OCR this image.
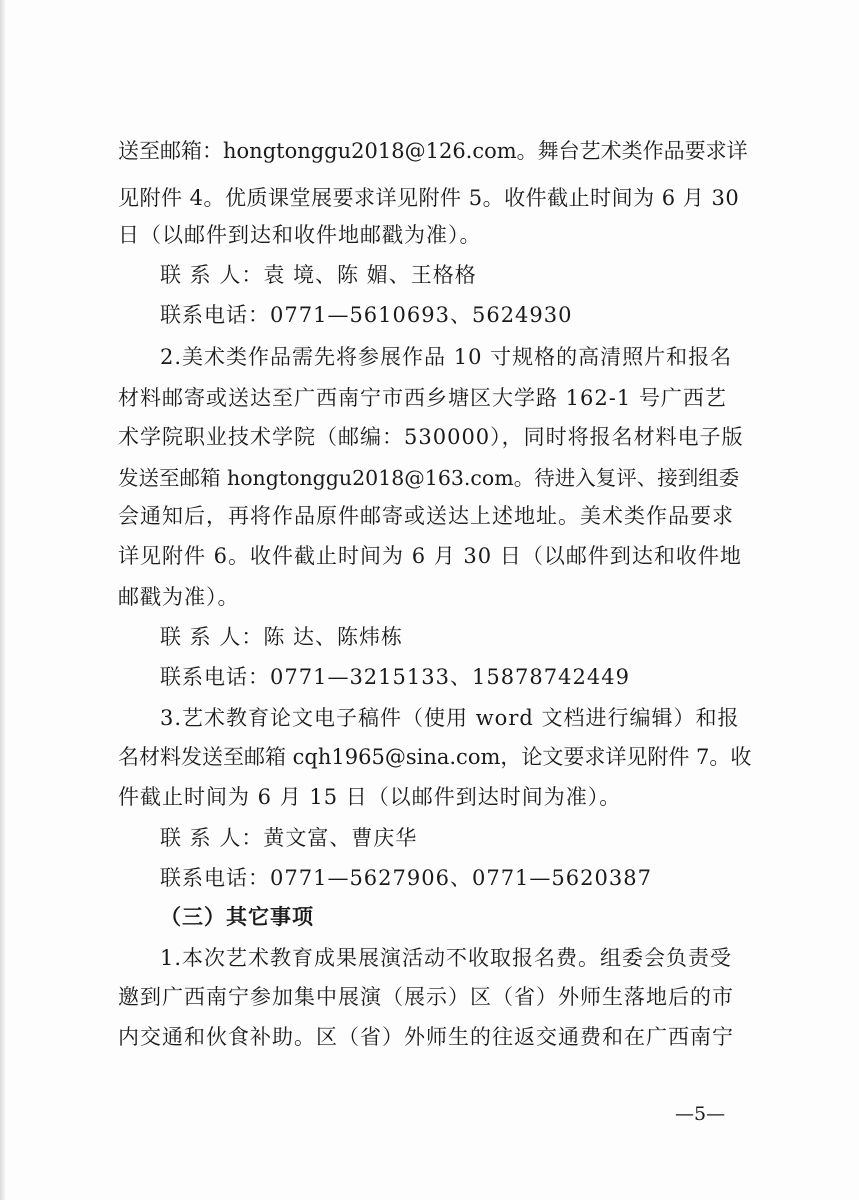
送至邮箱：hongtonggu2018@126.com。舞台艺术类作品要求详
见附件 4。优质课堂展要求详见附件 5。收件截止时间为 6 月 30
日（以邮件到达和收件地邮戳为准）。
联 系 人：袁 境、陈 媚、王格格
联系电话：0771—5610693、5624930
2.美术类作品需先将参展作品 10 寸规格的高清照片和报名
材料邮寄或送达至广西南宁市西乡塘区大学路 162-1 号广西艺
术学院职业技术学院（邮编：530000），同时将报名材料电子版
发送至邮箱 hongtonggu2018@163.com。待进入复评、接到组委
会通知后，再将作品原件邮寄或送达上述地址。美术类作品要求
详见附件 6。收件截止时间为 6 月 30 日（以邮件到达和收件地
邮戳为准）。
联 系 人：陈 达、陈炜栋
联系电话：0771—3215133、15878742449
3.艺术教育论文电子稿件（使用 word 文档进行编辑）和报
名材料发送至邮箱 cqh1965@sina.com，论文要求详见附件 7。收
件截止时间为 6 月 15 日（以邮件到达时间为准）。
联 系 人：黄文富、曹庆华
联系电话：0771—5627906、0771—5620387
（三）其它事项
1.本次艺术教育成果展演活动不收取报名费。组委会负责受
邀到广西南宁参加集中展演（展示）区（省）外师生落地后的市
内交通和伙食补助。区（省）外师生的往返交通费和在广西南宁
—5—
